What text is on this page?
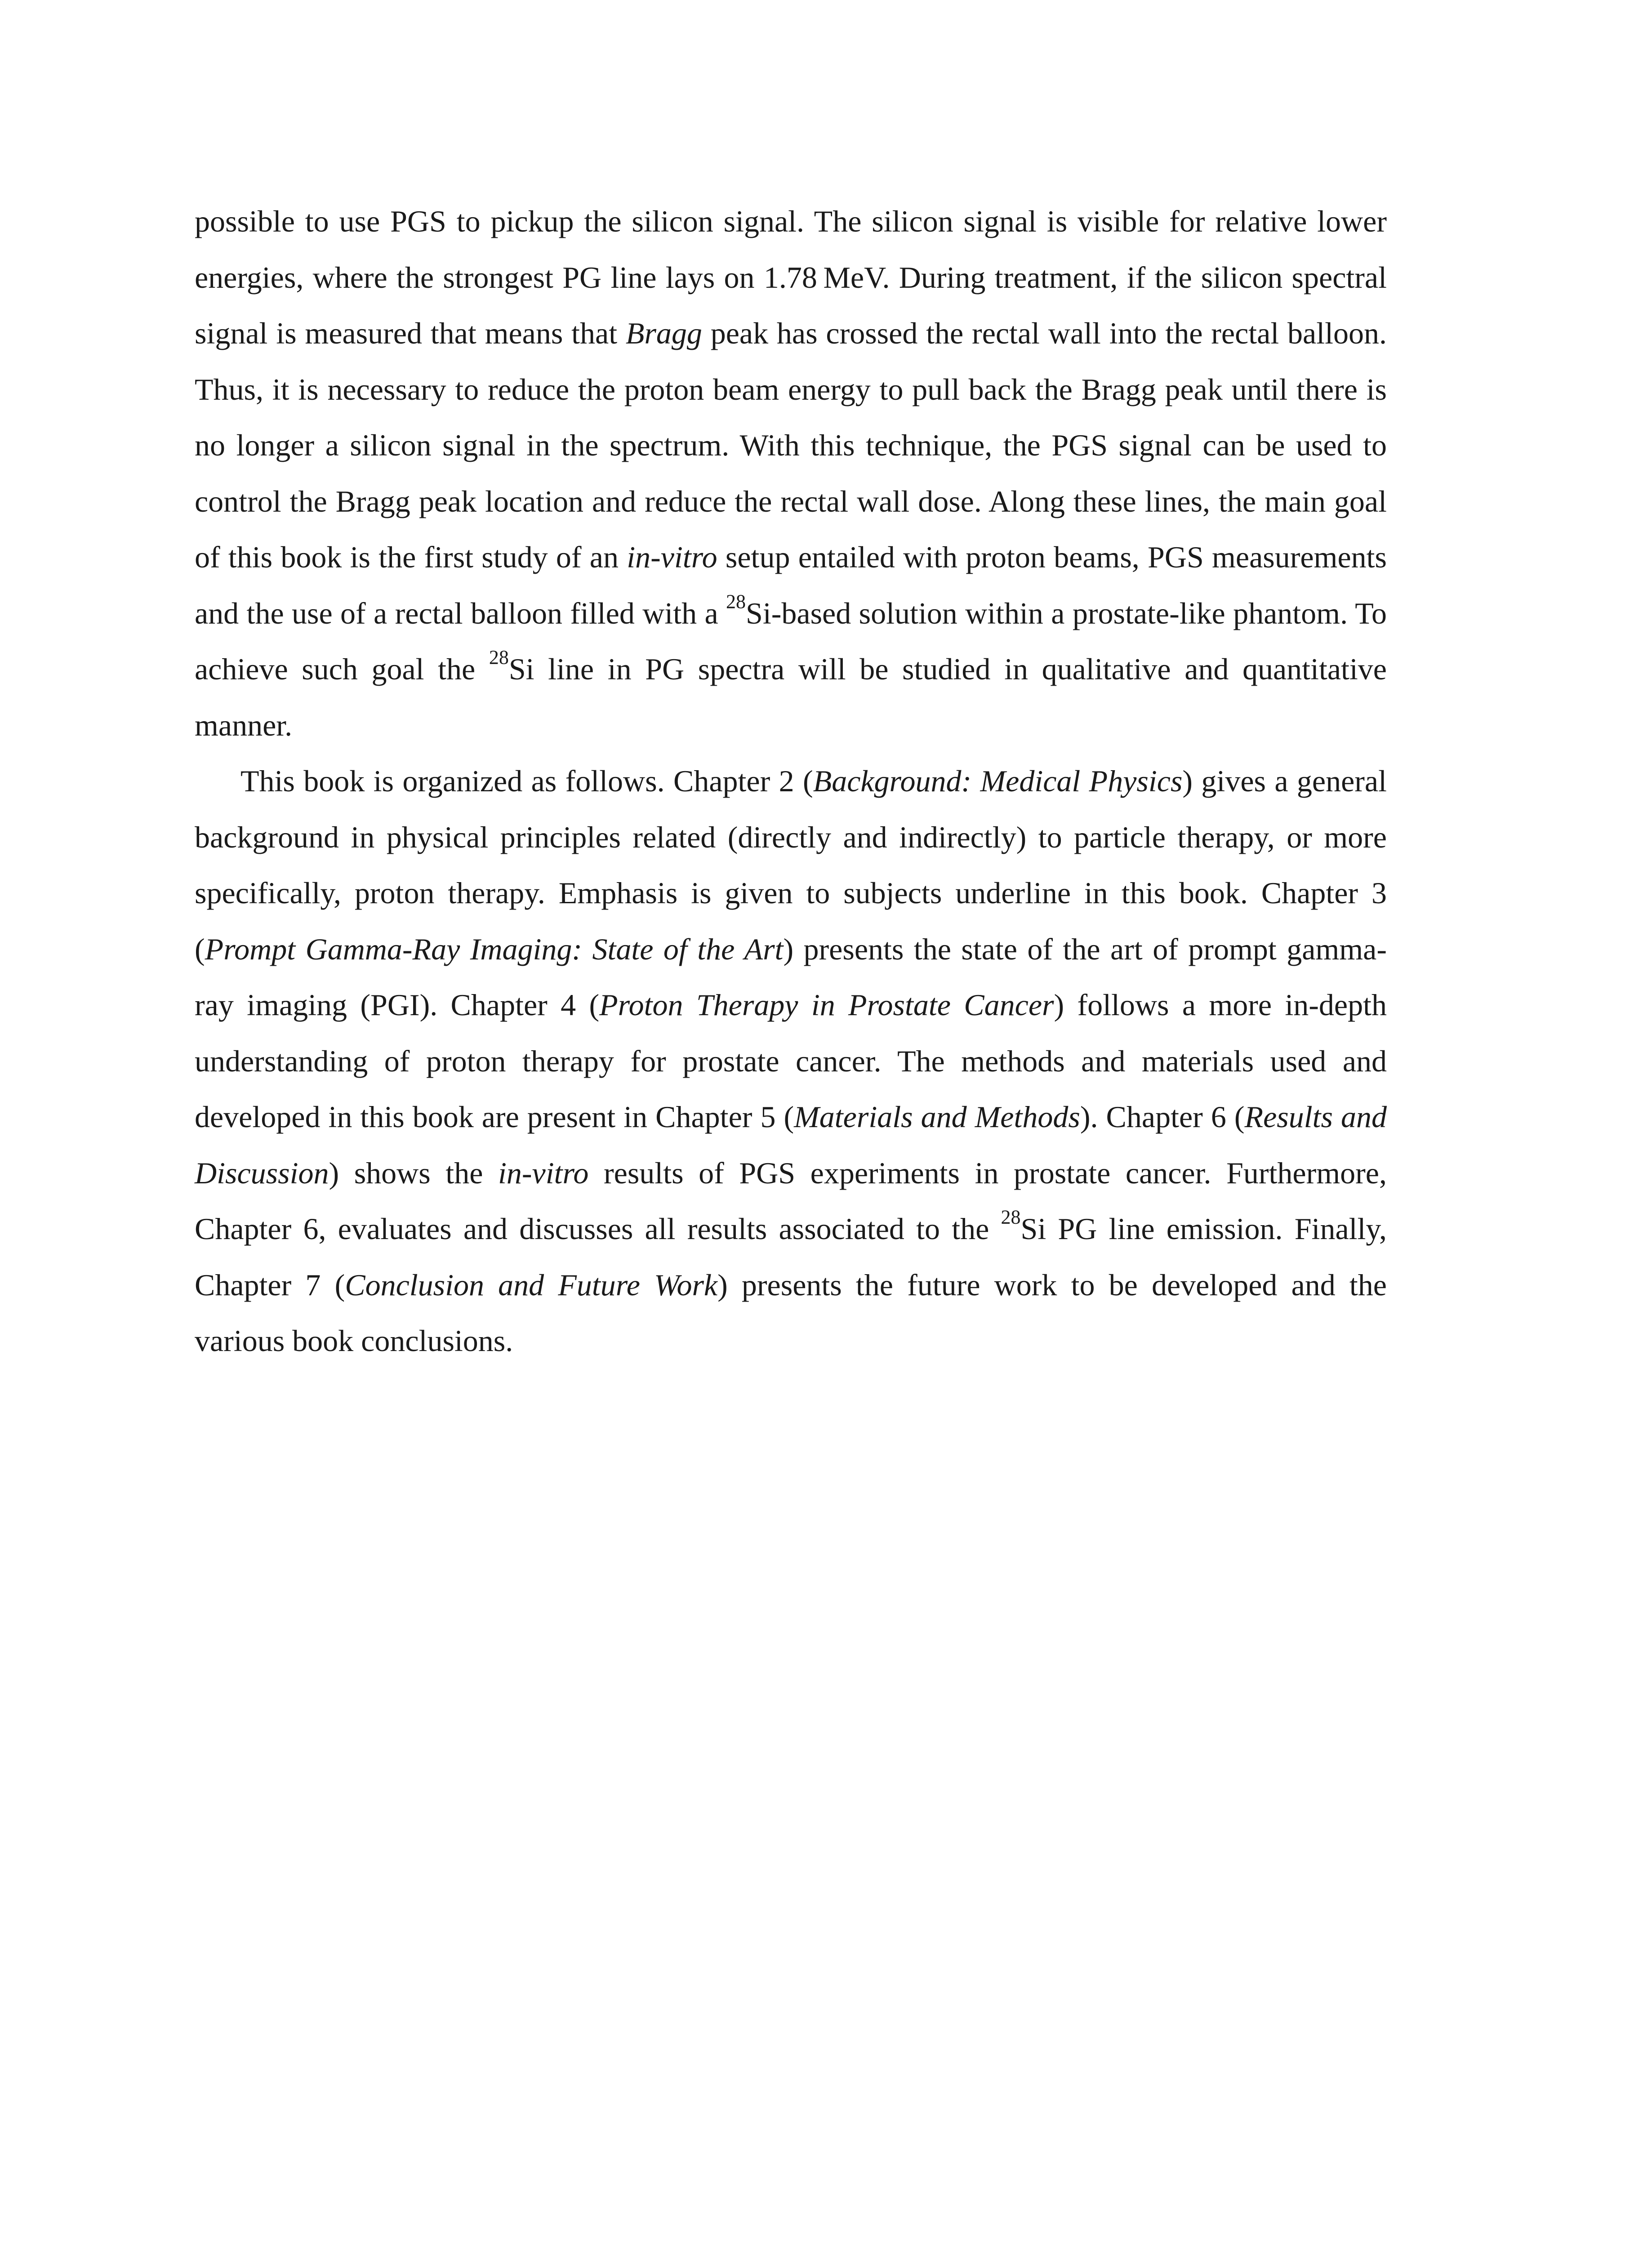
possible to use PGS to pickup the silicon signal. The silicon signal is visible for relative lower energies, where the strongest PG line lays on 1.78 MeV. During treatment, if the silicon spectral signal is measured that means that Bragg peak has crossed the rectal wall into the rectal balloon. Thus, it is necessary to reduce the proton beam energy to pull back the Bragg peak until there is no longer a silicon signal in the spectrum. With this technique, the PGS signal can be used to control the Bragg peak location and reduce the rectal wall dose. Along these lines, the main goal of this book is the first study of an in-vitro setup entailed with proton beams, PGS measurements and the use of a rectal balloon filled with a $^{28}$Si-based solution within a prostate-like phantom. To achieve such goal the $^{28}$Si line in PG spectra will be studied in qualitative and quantitative manner.

This book is organized as follows. Chapter 2 (Background: Medical Physics) gives a general background in physical principles related (directly and indirectly) to particle therapy, or more specifically, proton therapy. Emphasis is given to subjects underline in this book. Chapter 3 (Prompt Gamma-Ray Imaging: State of the Art) presents the state of the art of prompt gamma-ray imaging (PGI). Chapter 4 (Proton Therapy in Prostate Cancer) follows a more in-depth understanding of proton therapy for prostate cancer. The methods and materials used and developed in this book are present in Chapter 5 (Materials and Methods). Chapter 6 (Results and Discussion) shows the in-vitro results of PGS experiments in prostate cancer. Furthermore, Chapter 6, evaluates and discusses all results associated to the $^{28}$Si PG line emission. Finally, Chapter 7 (Conclusion and Future Work) presents the future work to be developed and the various book conclusions.
